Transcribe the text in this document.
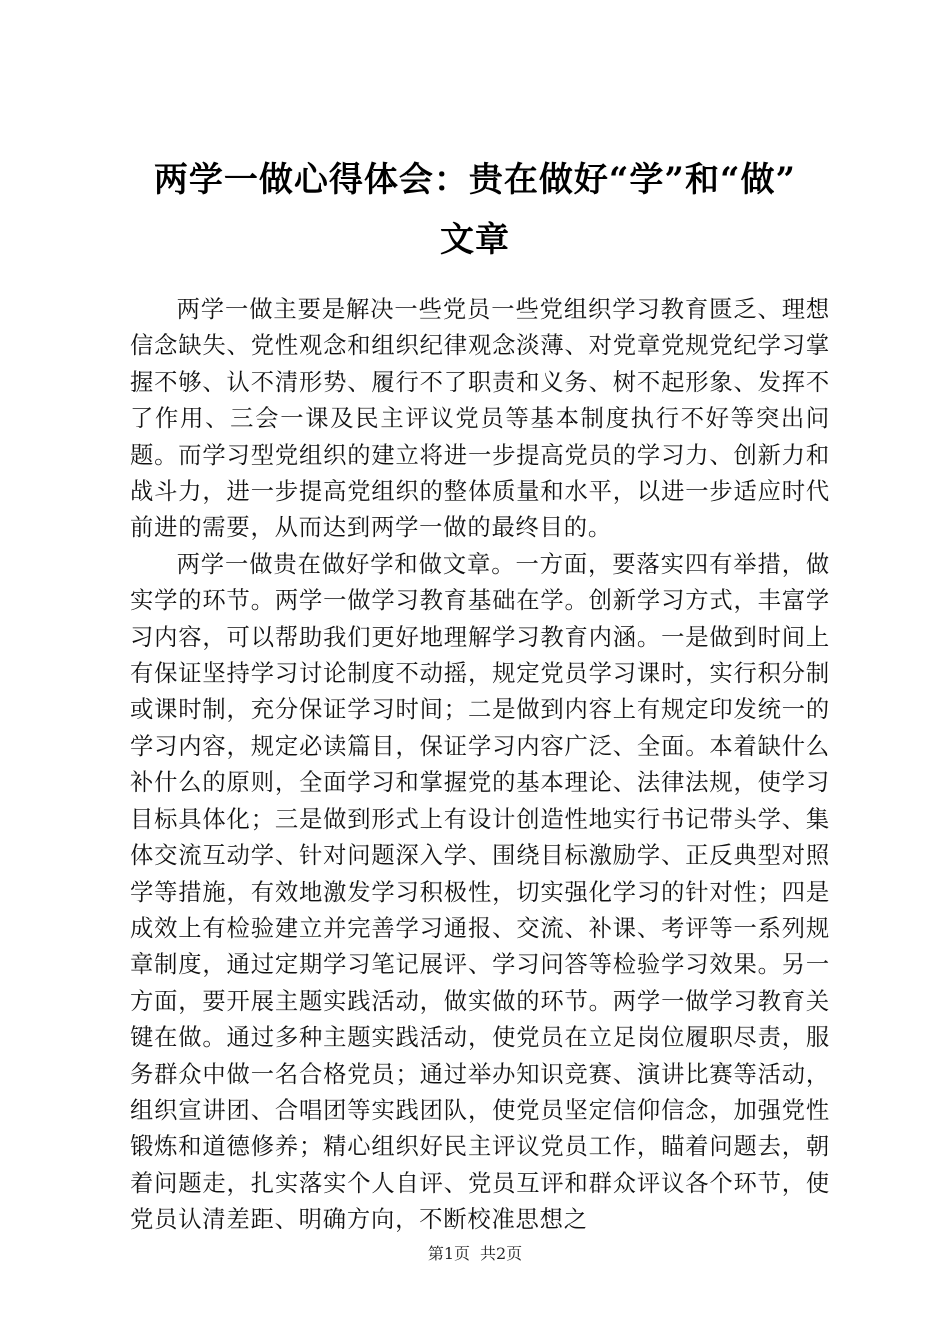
两学一做心得体会：贵在做好“学”和“做”
文章

两学一做主要是解决一些党员一些党组织学习教育匮乏、理想信念缺失、党性观念和组织纪律观念淡薄、对党章党规党纪学习掌握不够、认不清形势、履行不了职责和义务、树不起形象、发挥不了作用、三会一课及民主评议党员等基本制度执行不好等突出问题。而学习型党组织的建立将进一步提高党员的学习力、创新力和战斗力，进一步提高党组织的整体质量和水平，以进一步适应时代前进的需要，从而达到两学一做的最终目的。

两学一做贵在做好学和做文章。一方面，要落实四有举措，做实学的环节。两学一做学习教育基础在学。创新学习方式，丰富学习内容，可以帮助我们更好地理解学习教育内涵。一是做到时间上有保证坚持学习讨论制度不动摇，规定党员学习课时，实行积分制或课时制，充分保证学习时间；二是做到内容上有规定印发统一的学习内容，规定必读篇目，保证学习内容广泛、全面。本着缺什么补什么的原则，全面学习和掌握党的基本理论、法律法规，使学习目标具体化；三是做到形式上有设计创造性地实行书记带头学、集体交流互动学、针对问题深入学、围绕目标激励学、正反典型对照学等措施，有效地激发学习积极性，切实强化学习的针对性；四是成效上有检验建立并完善学习通报、交流、补课、考评等一系列规章制度，通过定期学习笔记展评、学习问答等检验学习效果。另一方面，要开展主题实践活动，做实做的环节。两学一做学习教育关键在做。通过多种主题实践活动，使党员在立足岗位履职尽责，服务群众中做一名合格党员；通过举办知识竞赛、演讲比赛等活动，组织宣讲团、合唱团等实践团队，使党员坚定信仰信念，加强党性锻炼和道德修养；精心组织好民主评议党员工作，瞄着问题去，朝着问题走，扎实落实个人自评、党员互评和群众评议各个环节，使党员认清差距、明确方向，不断校准思想之

第1页 共2页
